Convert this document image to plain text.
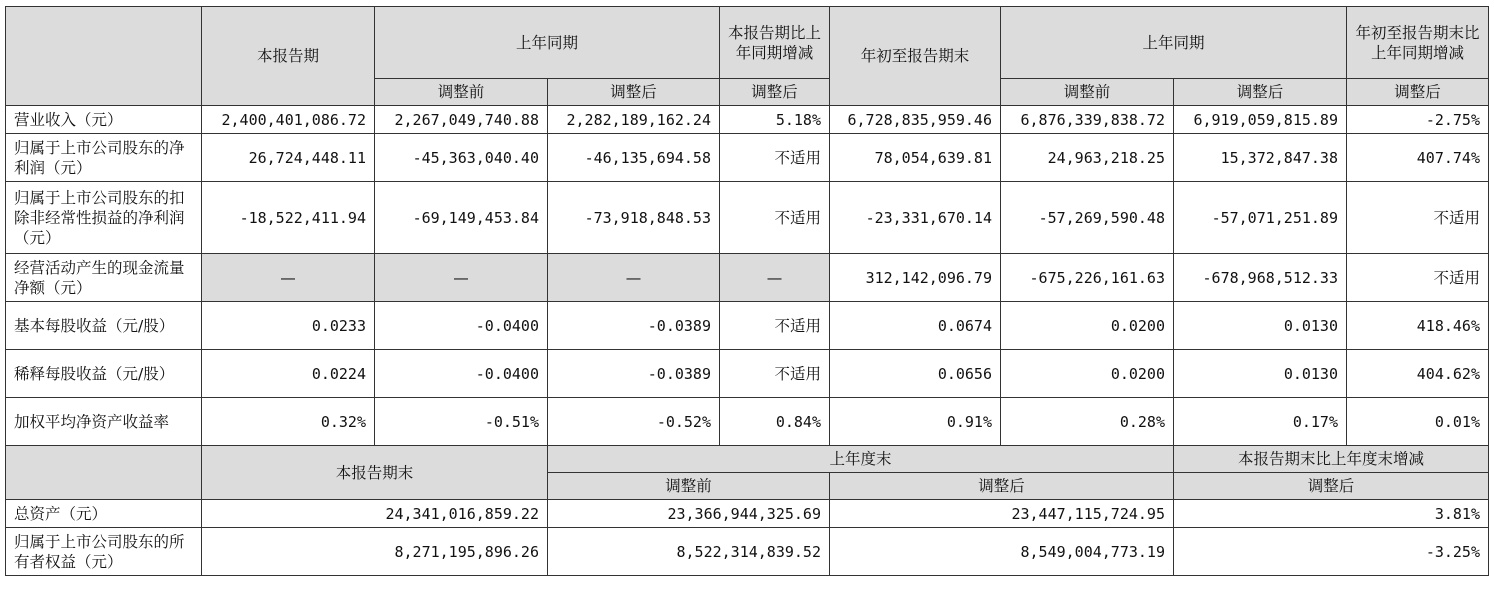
	本报告期	上年同期		本报告期比上年同期增减	年初至报告期末	上年同期		年初至报告期末比上年同期增减
		调整前	调整后	调整后		调整前	调整后	调整后
营业收入（元）	2,400,401,086.72	2,267,049,740.88	2,282,189,162.24	5.18%	6,728,835,959.46	6,876,339,838.72	6,919,059,815.89	-2.75%
归属于上市公司股东的净利润（元）	26,724,448.11	-45,363,040.40	-46,135,694.58	不适用	78,054,639.81	24,963,218.25	15,372,847.38	407.74%
归属于上市公司股东的扣除非经常性损益的净利润（元）	-18,522,411.94	-69,149,453.84	-73,918,848.53	不适用	-23,331,670.14	-57,269,590.48	-57,071,251.89	不适用
经营活动产生的现金流量净额（元）	—	—	—	—	312,142,096.79	-675,226,161.63	-678,968,512.33	不适用
基本每股收益（元/股）	0.0233	-0.0400	-0.0389	不适用	0.0674	0.0200	0.0130	418.46%
稀释每股收益（元/股）	0.0224	-0.0400	-0.0389	不适用	0.0656	0.0200	0.0130	404.62%
加权平均净资产收益率	0.32%	-0.51%	-0.52%	0.84%	0.91%	0.28%	0.17%	0.01%
	本报告期末		上年度末				本报告期末比上年度末增减	
			调整前		调整后		调整后	
总资产（元）	24,341,016,859.22		23,366,944,325.69		23,447,115,724.95		3.81%	
归属于上市公司股东的所有者权益（元）	8,271,195,896.26		8,522,314,839.52		8,549,004,773.19		-3.25%	
